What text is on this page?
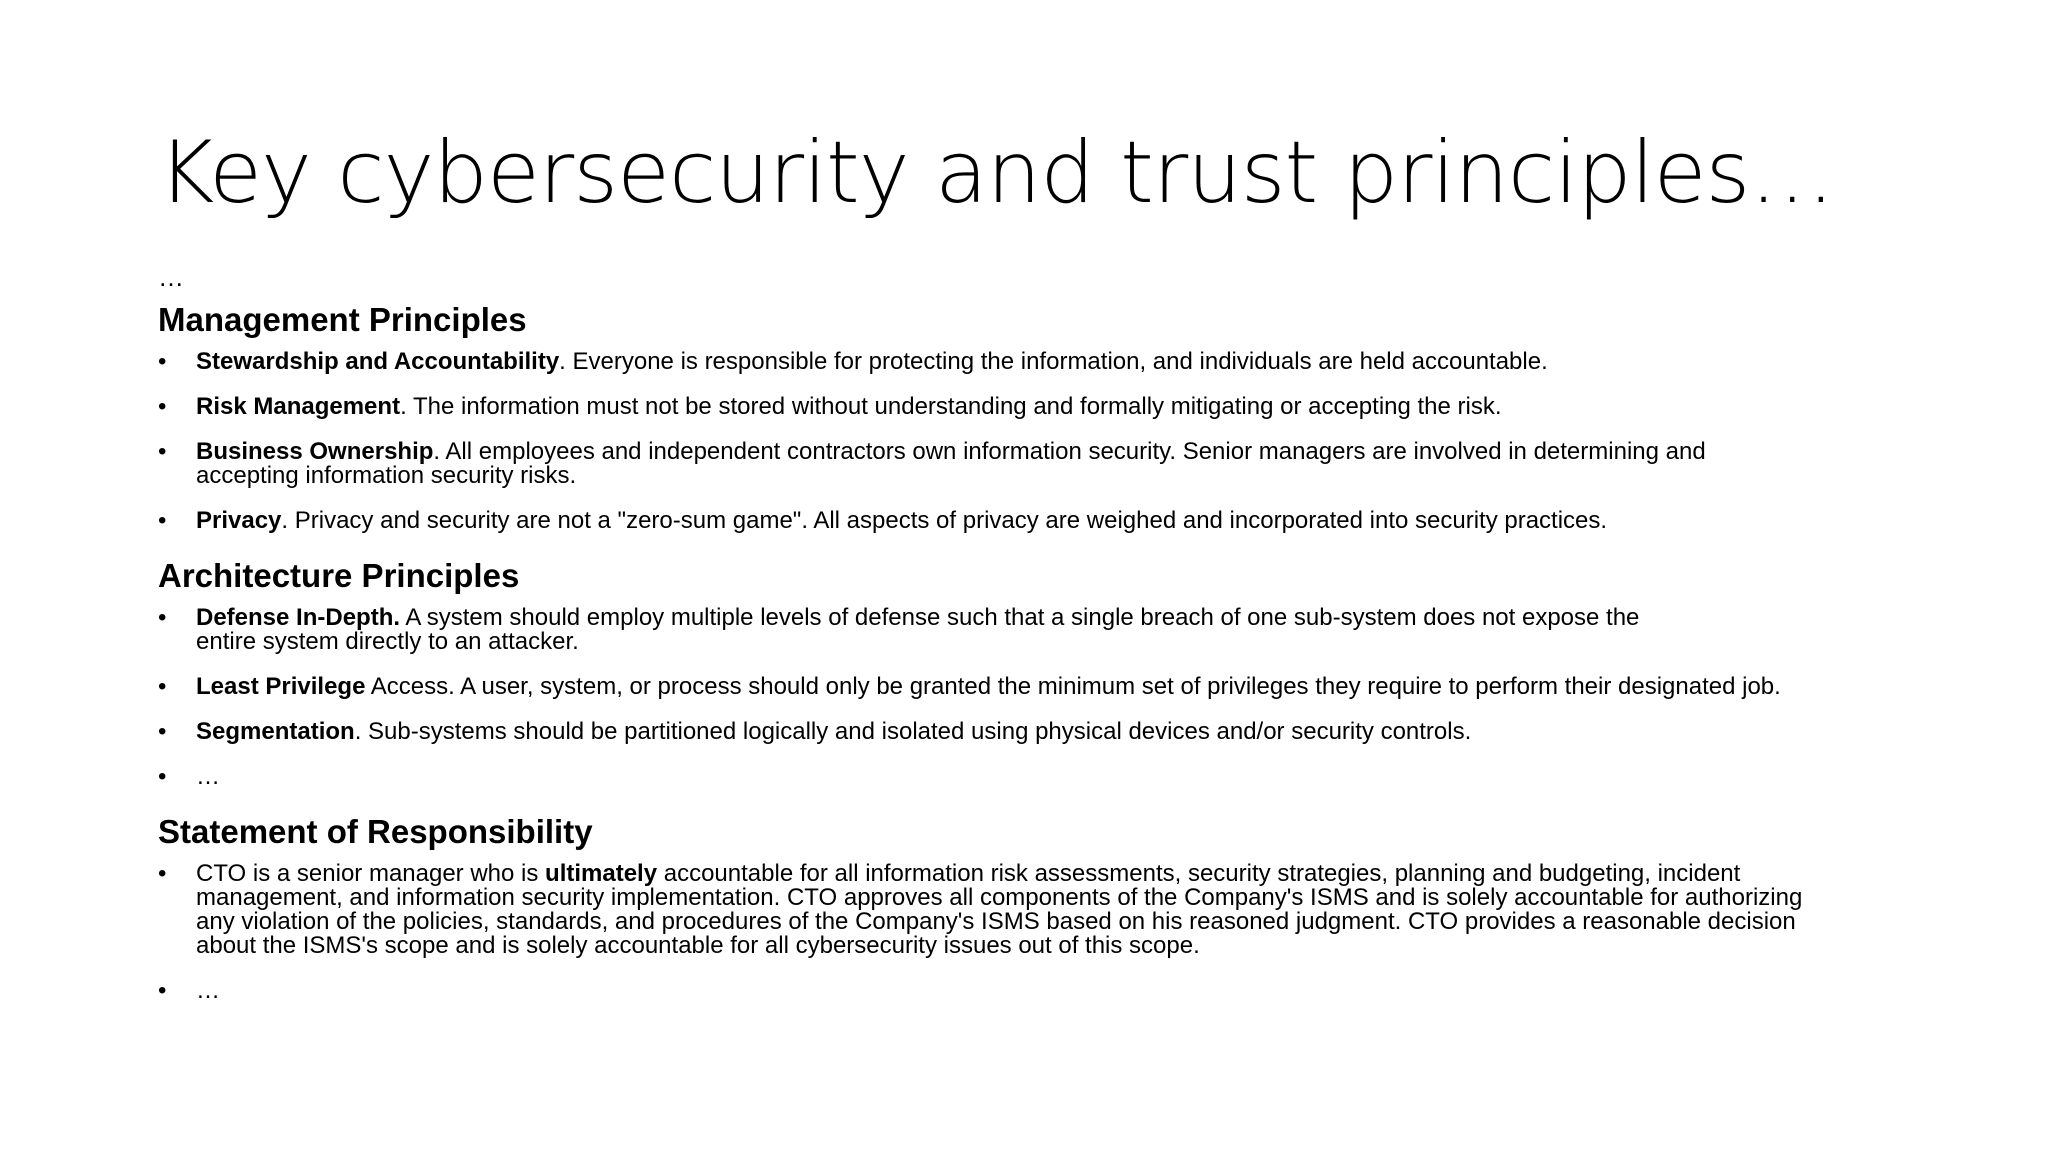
Key cybersecurity and trust principles…

…

Management Principles
• Stewardship and Accountability. Everyone is responsible for protecting the information, and individuals are held accountable.
• Risk Management. The information must not be stored without understanding and formally mitigating or accepting the risk.
• Business Ownership. All employees and independent contractors own information security. Senior managers are involved in determining and accepting information security risks.
• Privacy. Privacy and security are not a "zero-sum game". All aspects of privacy are weighed and incorporated into security practices.
Architecture Principles
• Defense In-Depth. A system should employ multiple levels of defense such that a single breach of one sub-system does not expose the entire system directly to an attacker.
• Least Privilege Access. A user, system, or process should only be granted the minimum set of privileges they require to perform their designated job.
• Segmentation. Sub-systems should be partitioned logically and isolated using physical devices and/or security controls.
• …
Statement of Responsibility
• CTO is a senior manager who is ultimately accountable for all information risk assessments, security strategies, planning and budgeting, incident management, and information security implementation. CTO approves all components of the Company's ISMS and is solely accountable for authorizing any violation of the policies, standards, and procedures of the Company's ISMS based on his reasoned judgment. CTO provides a reasonable decision about the ISMS's scope and is solely accountable for all cybersecurity issues out of this scope.
• …
